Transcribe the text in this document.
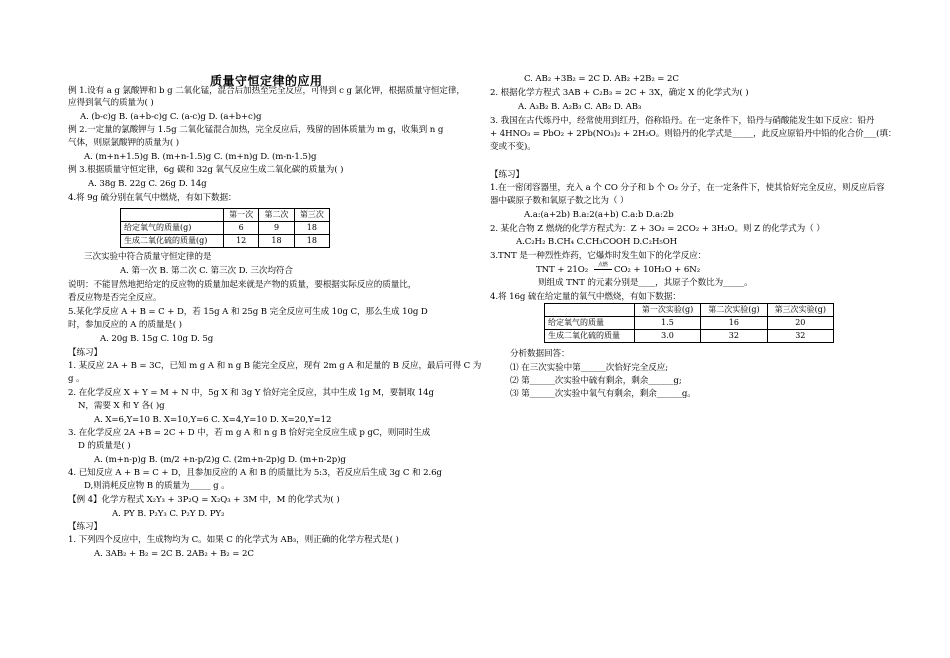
质量守恒定律的应用
例 1.设有 a g 氯酸钾和 b g 二氧化锰，混合后加热至完全反应，可得到 c g 氯化钾，根据质量守恒定律，
应得到氧气的质量为( )
A. (b-c)g B. (a+b-c)g C. (a-c)g D. (a+b+c)g
例 2.一定量的氯酸钾与 1.5g 二氧化锰混合加热，完全反应后，残留的固体质量为 m g，收集到 n g
气体，则原氯酸钾的质量为( )
A. (m+n+1.5)g B. (m+n-1.5)g C. (m+n)g D. (m-n-1.5)g
例 3.根据质量守恒定律，6g 碳和 32g 氧气反应生成二氧化碳的质量为( )
A. 38g B. 22g C. 26g D. 14g
4.将 9g 硫分别在氧气中燃烧，有如下数据：
	第一次	第二次	第三次
给定氧气的质量(g)	6	9	18
生成二氧化硫的质量(g)	12	18	18
三次实验中符合质量守恒定律的是
A. 第一次 B. 第二次 C. 第三次 D. 三次均符合
说明：不能冒然地把给定的反应物的质量加起来就是产物的质量，要根据实际反应的质量比，
看反应物是否完全反应。
5.某化学反应 A + B = C + D，若 15g A 和 25g B 完全反应可生成 10g C，那么生成 10g D
时，参加反应的 A 的质量是( )
A. 20g B. 15g C. 10g D. 5g
【练习】
1. 某反应 2A + B = 3C，已知 m g A 和 n g B 能完全反应，现有 2m g A 和足量的 B 反应，最后可得 C 为
g 。
2. 在化学反应 X + Y = M + N 中，5g X 和 3g Y 恰好完全反应，其中生成 1g M，要制取 14g
N，需要 X 和 Y 各( )g
A. X=6,Y=10 B. X=10,Y=6 C. X=4,Y=10 D. X=20,Y=12
3. 在化学反应 2A +B = 2C + D 中，若 m g A 和 n g B 恰好完全反应生成 p gC，则同时生成
D 的质量是( )
A. (m+n-p)g B. (m/2 +n-p/2)g C. (2m+n-2p)g D. (m+n-2p)g
4. 已知反应 A + B = C + D，且参加反应的 A 和 B 的质量比为 5:3，若反应后生成 3g C 和 2.6g
D,则消耗反应物 B 的质量为_____ g 。
【例 4】化学方程式 X₂Y₃ + 3P₂Q = X₂Q₃ + 3M 中，M 的化学式为( )
A. PY B. P₂Y₃ C. P₂Y D. PY₂
【练习】
1. 下列四个反应中，生成物均为 C。如果 C 的化学式为 AB₃，则正确的化学方程式是( )
A. 3AB₂ + B₂ = 2C B. 2AB₂ + B₂ = 2C
C. AB₂ +3B₂ = 2C D. AB₂ +2B₂ = 2C
2. 根据化学方程式 3AB + C₂B₃ = 2C + 3X，确定 X 的化学式为( )
A. A₃B₂ B. A₂B₃ C. AB₂ D. AB₃
3. 我国在古代炼丹中，经常使用到红丹，俗称铅丹。在一定条件下，铅丹与硝酸能发生如下反应：铅丹
+ 4HNO₃ = PbO₂ + 2Pb(NO₃)₂ + 2H₂O。则铅丹的化学式是_____，此反应原铅丹中铅的化合价___(填：
变或不变)。
【练习】
1.在一密闭容器里，充入 a 个 CO 分子和 b 个 O₂ 分子，在一定条件下，使其恰好完全反应，则反应后容
器中碳原子数和氧原子数之比为（ ）
A.a:(a+2b) B.a:2(a+b) C.a:b D.a:2b
2. 某化合物 Z 燃烧的化学方程式为：Z + 3O₂ = 2CO₂ + 3H₂O。则 Z 的化学式为（ ）
A.C₂H₂ B.CH₄ C.CH₃COOH D.C₂H₅OH
3.TNT 是一种烈性炸药，它爆炸时发生如下的化学反应：
TNT + 21O₂ 点燃 CO₂ + 10H₂O + 6N₂
则组成 TNT 的元素分别是____，其原子个数比为_____。
4.将 16g 硫在给定量的氧气中燃烧，有如下数据：
	第一次实验(g)	第二次实验(g)	第三次实验(g)
给定氧气的质量	1.5	16	20
生成二氧化硫的质量	3.0	32	32
分析数据回答：
⑴ 在三次实验中第______次恰好完全反应;
⑵ 第______次实验中硫有剩余，剩余______g;
⑶ 第______次实验中氧气有剩余，剩余______g。
